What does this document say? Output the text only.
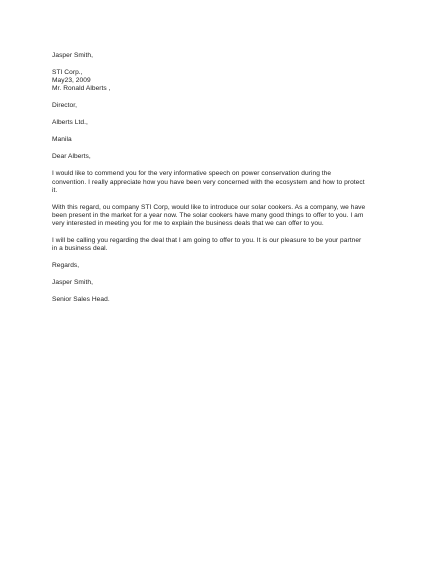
Jasper Smith,
STI Corp.,
May23, 2009
Mr. Ronald Alberts ,
Director,
Alberts Ltd.,
Manila
Dear Alberts,
I would like to commend you for the very informative speech on power conservation during the
convention. I really appreciate how you have been very concerned with the ecosystem and how to protect
it.
With this regard, ou company STI Corp, would like to introduce our solar cookers. As a company, we have
been present in the market for a year now. The solar cookers have many good things to offer to you. I am
very interested in meeting you for me to explain the business deals that we can offer to you.
I will be calling you regarding the deal that I am going to offer to you. It is our pleasure to be your partner
in a business deal.
Regards,
Jasper Smith,
Senior Sales Head.
